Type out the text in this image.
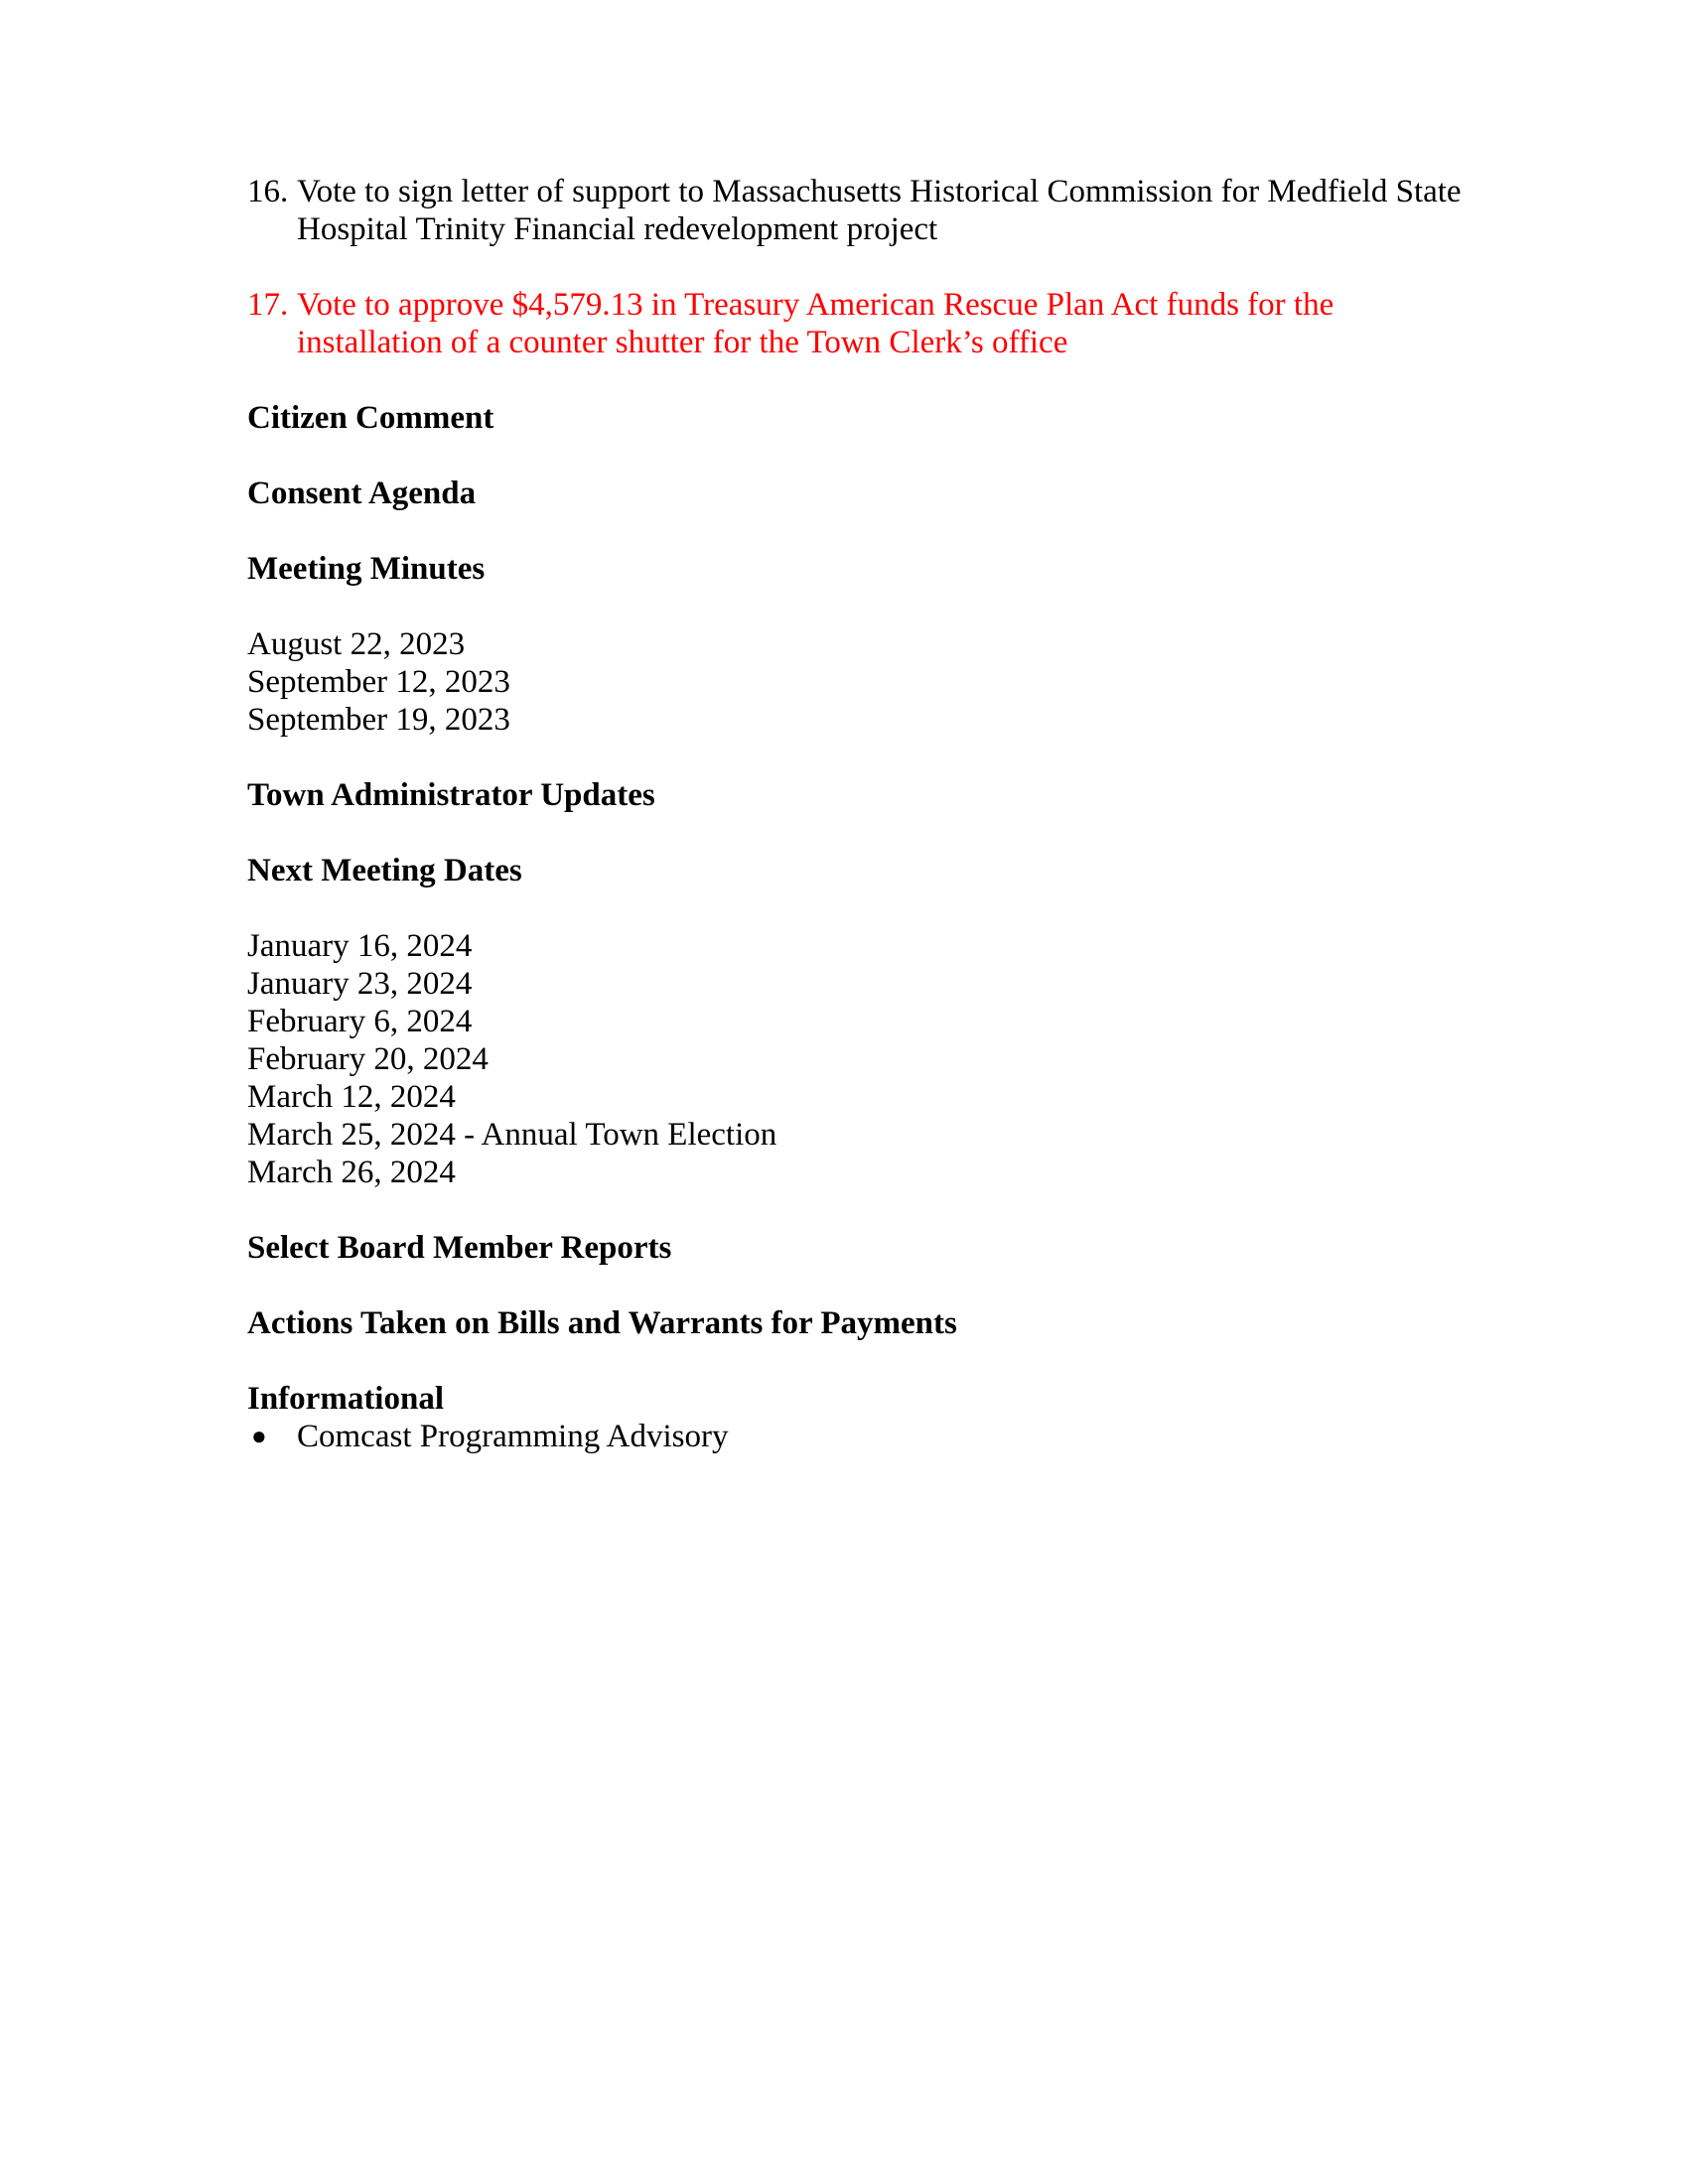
16. Vote to sign letter of support to Massachusetts Historical Commission for Medfield State Hospital Trinity Financial redevelopment project
17. Vote to approve $4,579.13 in Treasury American Rescue Plan Act funds for the installation of a counter shutter for the Town Clerk’s office

Citizen Comment

Consent Agenda

Meeting Minutes

August 22, 2023

September 12, 2023

September 19, 2023

Town Administrator Updates

Next Meeting Dates

January 16, 2024

January 23, 2024

February 6, 2024

February 20, 2024

March 12, 2024

March 25, 2024 - Annual Town Election

March 26, 2024

Select Board Member Reports

Actions Taken on Bills and Warrants for Payments

Informational

● Comcast Programming Advisory
